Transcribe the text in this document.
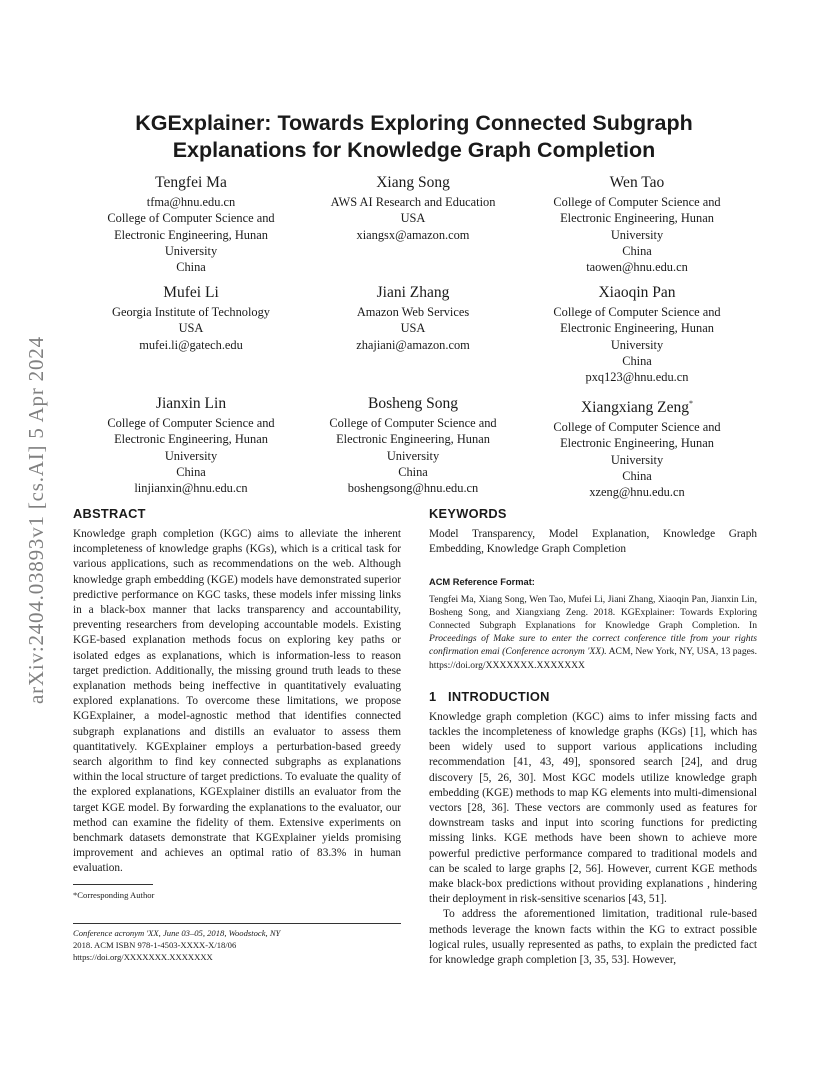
arXiv:2404.03893v1 [cs.AI] 5 Apr 2024
KGExplainer: Towards Exploring Connected Subgraph
Explanations for Knowledge Graph Completion
Tengfei Ma
tfma@hnu.edu.cn
College of Computer Science and
Electronic Engineering, Hunan
University
China
Xiang Song
AWS AI Research and Education
USA
xiangsx@amazon.com
Wen Tao
College of Computer Science and
Electronic Engineering, Hunan
University
China
taowen@hnu.edu.cn
Mufei Li
Georgia Institute of Technology
USA
mufei.li@gatech.edu
Jiani Zhang
Amazon Web Services
USA
zhajiani@amazon.com
Xiaoqin Pan
College of Computer Science and
Electronic Engineering, Hunan
University
China
pxq123@hnu.edu.cn
Jianxin Lin
College of Computer Science and
Electronic Engineering, Hunan
University
China
linjianxin@hnu.edu.cn
Bosheng Song
College of Computer Science and
Electronic Engineering, Hunan
University
China
boshengsong@hnu.edu.cn
Xiangxiang Zeng*
College of Computer Science and
Electronic Engineering, Hunan
University
China
xzeng@hnu.edu.cn
ABSTRACT

Knowledge graph completion (KGC) aims to alleviate the inherent incompleteness of knowledge graphs (KGs), which is a critical task for various applications, such as recommendations on the web. Although knowledge graph embedding (KGE) models have demonstrated superior predictive performance on KGC tasks, these models infer missing links in a black-box manner that lacks transparency and accountability, preventing researchers from developing accountable models. Existing KGE-based explanation methods focus on exploring key paths or isolated edges as explanations, which is information-less to reason target prediction. Additionally, the missing ground truth leads to these explanation methods being ineffective in quantitatively evaluating explored explanations. To overcome these limitations, we propose KGExplainer, a model-agnostic method that identifies connected subgraph explanations and distills an evaluator to assess them quantitatively. KGExplainer employs a perturbation-based greedy search algorithm to find key connected subgraphs as explanations within the local structure of target predictions. To evaluate the quality of the explored explanations, KGExplainer distills an evaluator from the target KGE model. By forwarding the explanations to the evaluator, our method can examine the fidelity of them. Extensive experiments on benchmark datasets demonstrate that KGExplainer yields promising improvement and achieves an optimal ratio of 83.3% in human evaluation.

*Corresponding Author
Conference acronym 'XX, June 03–05, 2018, Woodstock, NY
2018. ACM ISBN 978-1-4503-XXXX-X/18/06
https://doi.org/XXXXXXX.XXXXXXX
KEYWORDS

Model Transparency, Model Explanation, Knowledge Graph Embedding, Knowledge Graph Completion

ACM Reference Format:

Tengfei Ma, Xiang Song, Wen Tao, Mufei Li, Jiani Zhang, Xiaoqin Pan, Jianxin Lin, Bosheng Song, and Xiangxiang Zeng. 2018. KGExplainer: Towards Exploring Connected Subgraph Explanations for Knowledge Graph Completion. In Proceedings of Make sure to enter the correct conference title from your rights confirmation emai (Conference acronym 'XX). ACM, New York, NY, USA, 13 pages. https://doi.org/XXXXXXX.XXXXXXX

1   INTRODUCTION

Knowledge graph completion (KGC) aims to infer missing facts and tackles the incompleteness of knowledge graphs (KGs) [1], which has been widely used to support various applications including recommendation [41, 43, 49], sponsored search [24], and drug discovery [5, 26, 30]. Most KGC models utilize knowledge graph embedding (KGE) methods to map KG elements into multi-dimensional vectors [28, 36]. These vectors are commonly used as features for downstream tasks and input into scoring functions for predicting missing links. KGE methods have been shown to achieve more powerful predictive performance compared to traditional models and can be scaled to large graphs [2, 56]. However, current KGE methods make black-box predictions without providing explanations , hindering their deployment in risk-sensitive scenarios [43, 51].

To address the aforementioned limitation, traditional rule-based methods leverage the known facts within the KG to extract possible logical rules, usually represented as paths, to explain the predicted fact for knowledge graph completion [3, 35, 53]. However,
